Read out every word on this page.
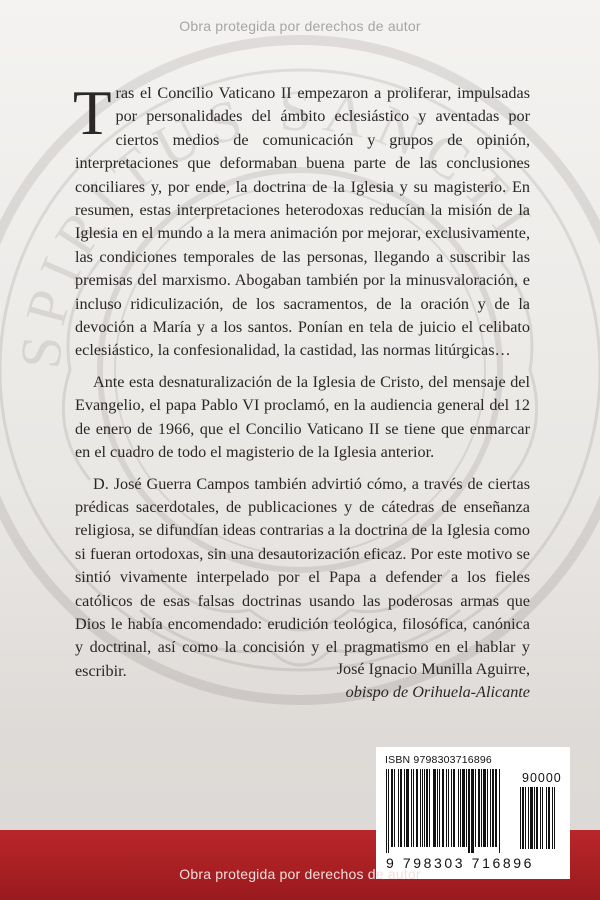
SPIRITUS SANCTI
Obra protegida por derechos de autor

Tras el Concilio Vaticano II empezaron a proliferar, impulsadas por personalidades del ámbito eclesiástico y aventadas por ciertos medios de comunicación y grupos de opinión, interpretaciones que deformaban buena parte de las conclusiones conciliares y, por ende, la doctrina de la Iglesia y su magisterio. En resumen, estas interpretaciones heterodoxas reducían la misión de la Iglesia en el mundo a la mera animación por mejorar, exclusivamente, las condiciones temporales de las personas, llegando a suscribir las premisas del marxismo. Abogaban también por la minusvaloración, e incluso ridiculización, de los sacramentos, de la oración y de la devoción a María y a los santos. Ponían en tela de juicio el celibato eclesiástico, la confesionalidad, la castidad, las normas litúrgicas…

Ante esta desnaturalización de la Iglesia de Cristo, del mensaje del Evangelio, el papa Pablo VI proclamó, en la audiencia general del 12 de enero de 1966, que el Concilio Vaticano II se tiene que enmarcar en el cuadro de todo el magisterio de la Iglesia anterior.

D. José Guerra Campos también advirtió cómo, a través de ciertas prédicas sacerdotales, de publicaciones y de cátedras de enseñanza religiosa, se difundían ideas contrarias a la doctrina de la Iglesia como si fueran ortodoxas, sin una desautorización eficaz. Por este motivo se sintió vivamente interpelado por el Papa a defender a los fieles católicos de esas falsas doctrinas usando las poderosas armas que Dios le había encomendado: erudición teológica, filosófica, canónica y doctrinal, así como la concisión y el pragmatismo en el hablar y escribir.	José Ignacio Munilla Aguirre,
obispo de Orihuela-Alicante
Obra protegida por derechos de autor
ISBN 9798303716896
90000
9 798303 716896
